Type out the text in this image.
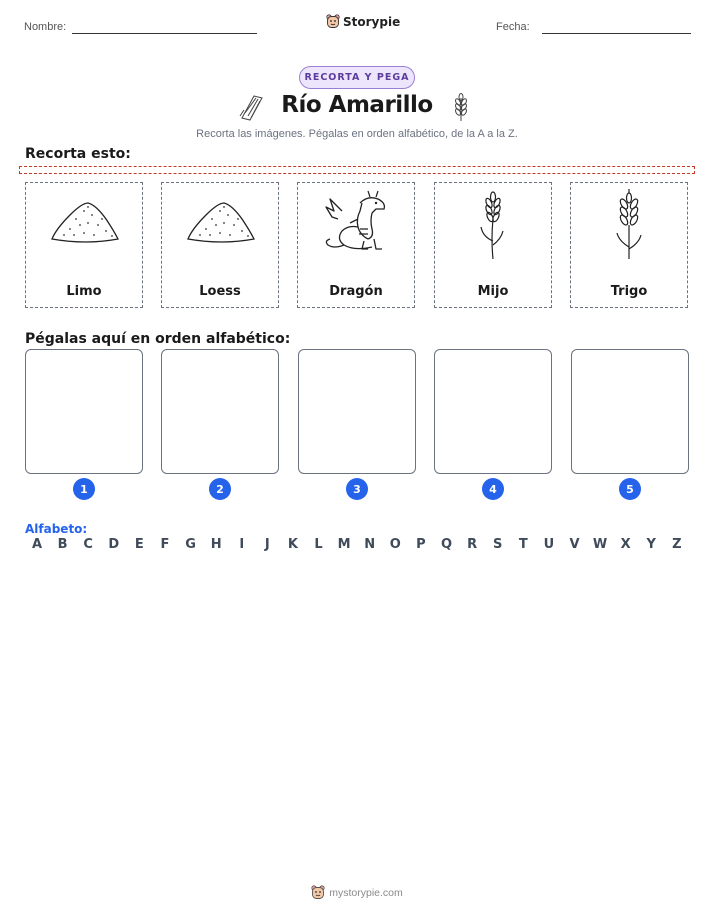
Nombre:	Storypie	Fecha:
RECORTA Y PEGA
Río Amarillo
Recorta las imágenes. Pégalas en orden alfabético, de la A a la Z.
Recorta esto:
Limo	Loess	Dragón	Mijo	Trigo
Pégalas aquí en orden alfabético:
1	2	3	4	5
Alfabeto:
A	B	C	D	E	F	G	H	I	J	K	L	M	N	O	P	Q	R	S	T	U	V	W	X	Y	Z
mystorypie.com
